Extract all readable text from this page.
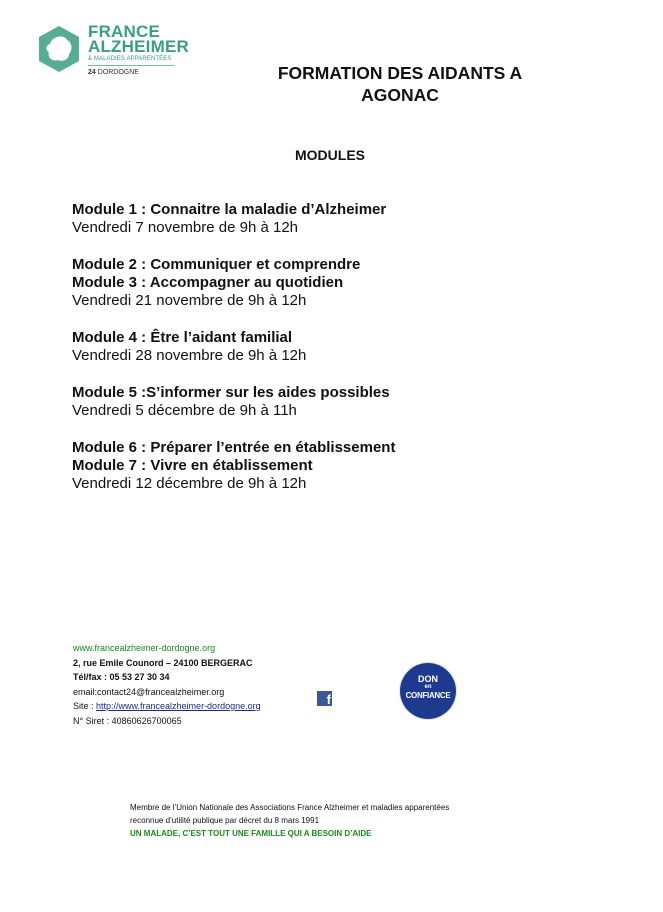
FRANCE
ALZHEIMER
& MALADIES APPARENTÉES
24 DORDOGNE	FORMATION DES AIDANTS A
AGONAC
MODULES
Module 1 : Connaitre la maladie d’Alzheimer
Vendredi 7 novembre de 9h à 12h
Module 2 : Communiquer et comprendre
Module 3 : Accompagner au quotidien
Vendredi 21 novembre de 9h à 12h
Module 4 : Être l’aidant familial
Vendredi 28 novembre de 9h à 12h
Module 5 :S’informer sur les aides possibles
Vendredi 5 décembre de 9h à 11h
Module 6 : Préparer l’entrée en établissement
Module 7 : Vivre en établissement
Vendredi 12 décembre de 9h à 12h
www.francealzheimer-dordogne.org
2, rue Emile Counord – 24100 BERGERAC
Tél/fax : 05 53 27 30 34
email:contact24@francealzheimer.org
Site : http://www.francealzheimer-dordogne.org
N° Siret : 40860626700065
f
DON
en
CONFIANCE
Membre de l’Union Nationale des Associations France Alzheimer et maladies apparentées
reconnue d’utilité publique par décret du 8 mars 1991
UN MALADE, C’EST TOUT UNE FAMILLE QUI A BESOIN D’AIDE
